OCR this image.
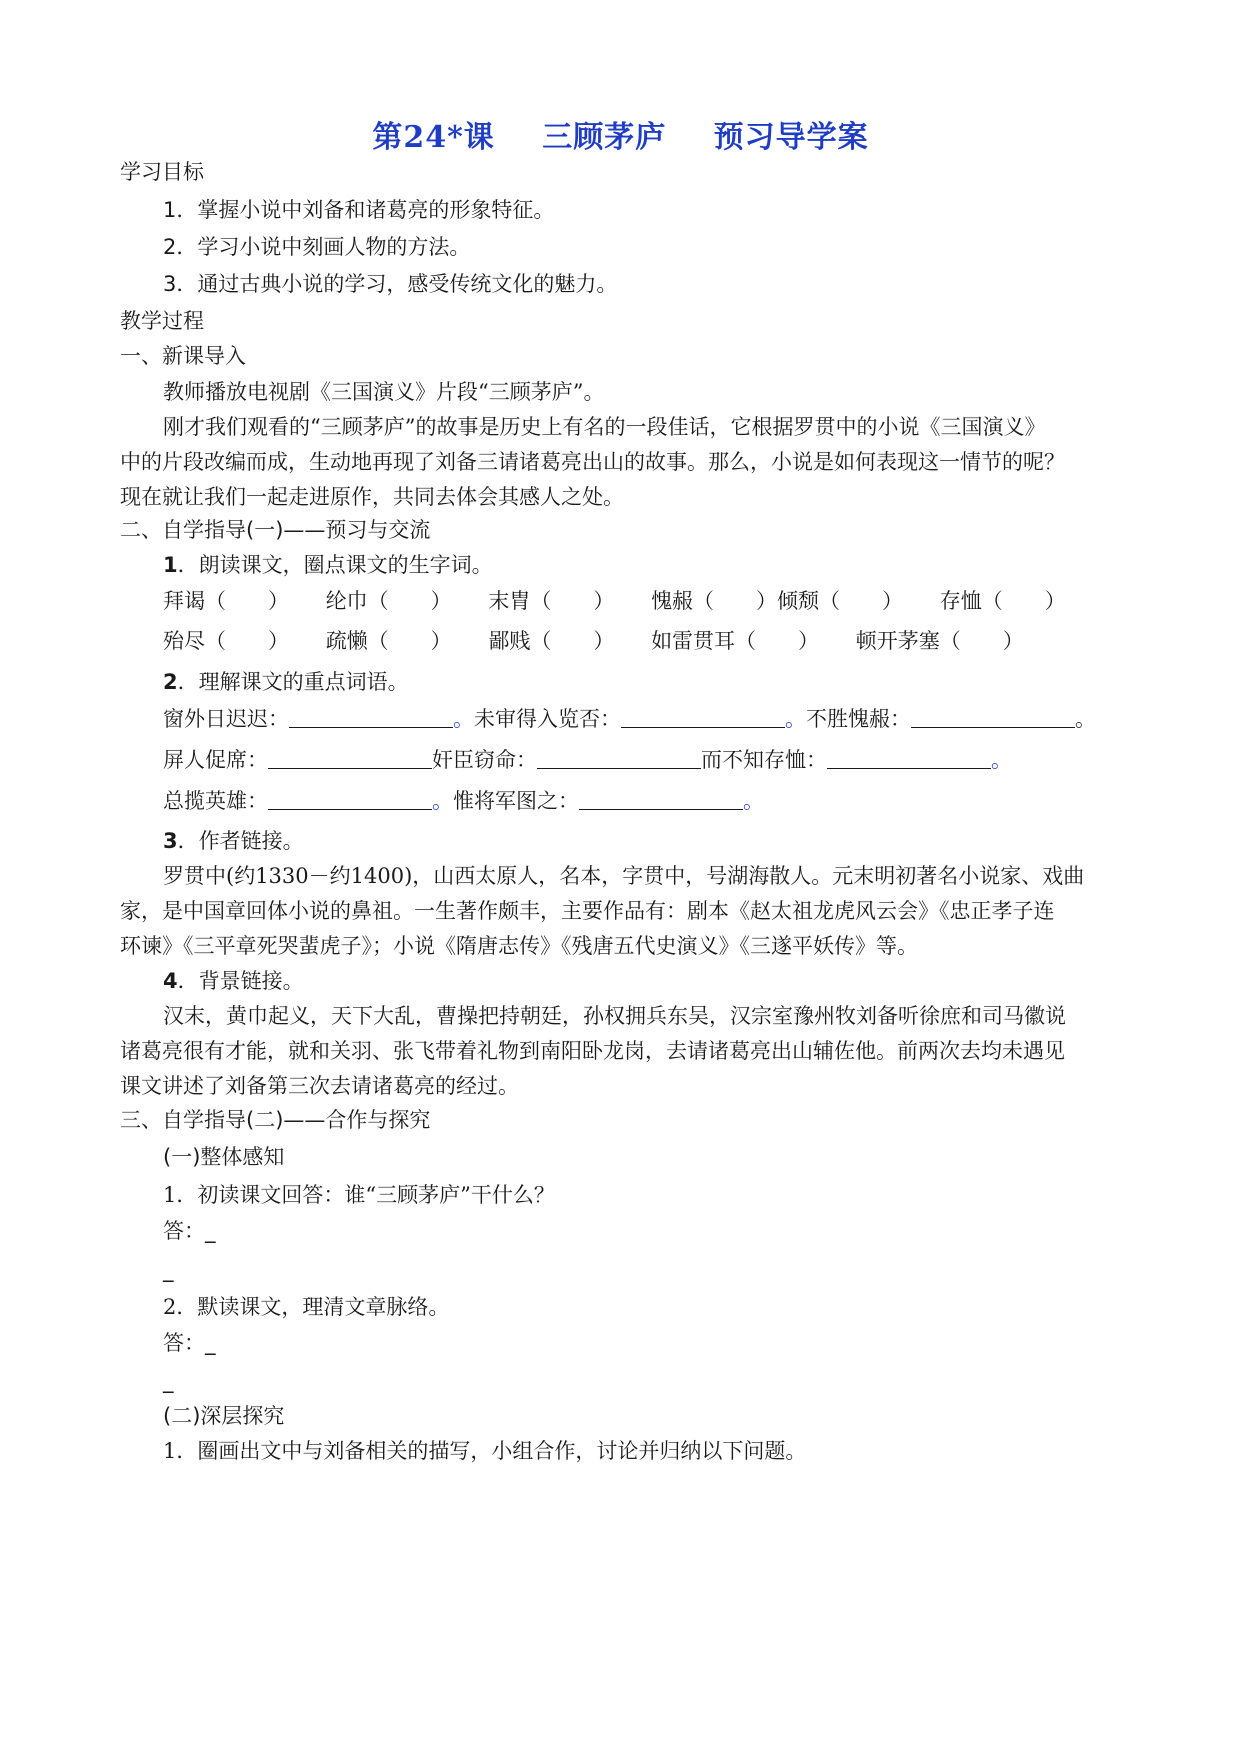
第24*课 三顾茅庐 预习导学案
学习目标
1．掌握小说中刘备和诸葛亮的形象特征。
2．学习小说中刻画人物的方法。
3．通过古典小说的学习，感受传统文化的魅力。
教学过程
一、新课导入
教师播放电视剧《三国演义》片段“三顾茅庐”。
刚才我们观看的“三顾茅庐”的故事是历史上有名的一段佳话，它根据罗贯中的小说《三国演义》
中的片段改编而成，生动地再现了刘备三请诸葛亮出山的故事。那么，小说是如何表现这一情节的呢？
现在就让我们一起走进原作，共同去体会其感人之处。
二、自学指导(一)——预习与交流
1．朗读课文，圈点课文的生字词。
拜谒（　　） 纶巾（　　） 末胄（　　） 愧赧（　　）倾颓（　　） 存恤（　　）
殆尽（　　） 疏懒（　　） 鄙贱（　　） 如雷贯耳（　　） 顿开茅塞（　　）
2．理解课文的重点词语。
窗外日迟迟：	。未审得入览否：	。不胜愧赧：	。
屏人促席：	奸臣窃命：	而不知存恤：	。
总揽英雄：	。惟将军图之：	。
3．作者链接。
罗贯中(约1330－约1400)，山西太原人，名本，字贯中，号湖海散人。元末明初著名小说家、戏曲
家，是中国章回体小说的鼻祖。一生著作颇丰，主要作品有：剧本《赵太祖龙虎风云会》《忠正孝子连
环谏》《三平章死哭蜚虎子》；小说《隋唐志传》《残唐五代史演义》《三遂平妖传》等。
4．背景链接。
汉末，黄巾起义，天下大乱，曹操把持朝廷，孙权拥兵东吴，汉宗室豫州牧刘备听徐庶和司马徽说
诸葛亮很有才能，就和关羽、张飞带着礼物到南阳卧龙岗，去请诸葛亮出山辅佐他。前两次去均未遇见
课文讲述了刘备第三次去请诸葛亮的经过。
三、自学指导(二)——合作与探究
(一)整体感知
1．初读课文回答：谁“三顾茅庐”干什么？
答：_
_
2．默读课文，理清文章脉络。
答：_
_
(二)深层探究
1．圈画出文中与刘备相关的描写，小组合作，讨论并归纳以下问题。
